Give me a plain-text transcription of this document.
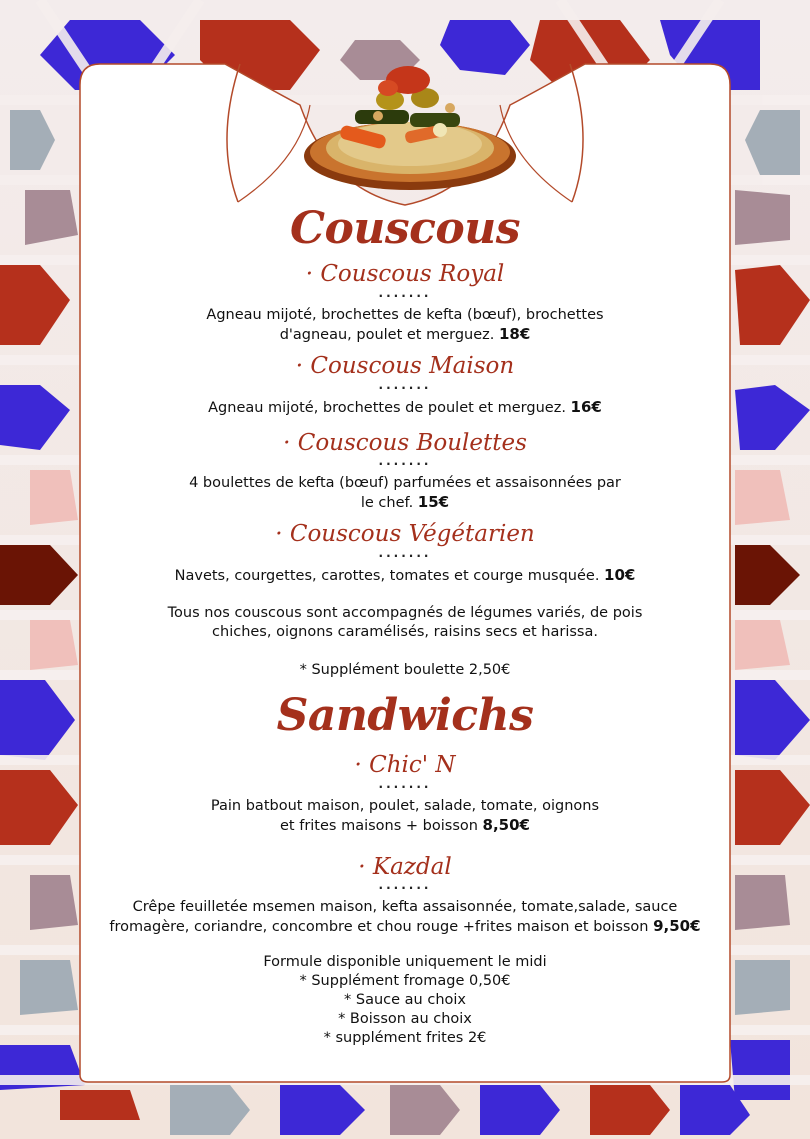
Couscous
· Couscous Royal
·······

Agneau mijoté, brochettes de kefta (bœuf), brochettes
d'agneau, poulet et merguez. 18€

· Couscous Maison
·······

Agneau mijoté, brochettes de poulet et merguez. 16€

· Couscous Boulettes
·······

4 boulettes de kefta (bœuf) parfumées et assaisonnées par
le chef. 15€

· Couscous Végétarien
·······

Navets, courgettes, carottes, tomates et courge musquée. 10€

Tous nos couscous sont accompagnés de légumes variés, de pois

chiches, oignons caramélisés, raisins secs et harissa.

* Supplément boulette 2,50€

Sandwichs
· Chic' N
·······

Pain batbout maison, poulet, salade, tomate, oignons
et frites maisons + boisson 8,50€

· Kazdal
·······

Crêpe feuilletée msemen maison, kefta assaisonnée, tomate,salade, sauce
fromagère, coriandre, concombre et chou rouge +frites maison et boisson 9,50€

Formule disponible uniquement le midi

* Supplément fromage 0,50€

* Sauce au choix

* Boisson au choix

* supplément frites 2€
